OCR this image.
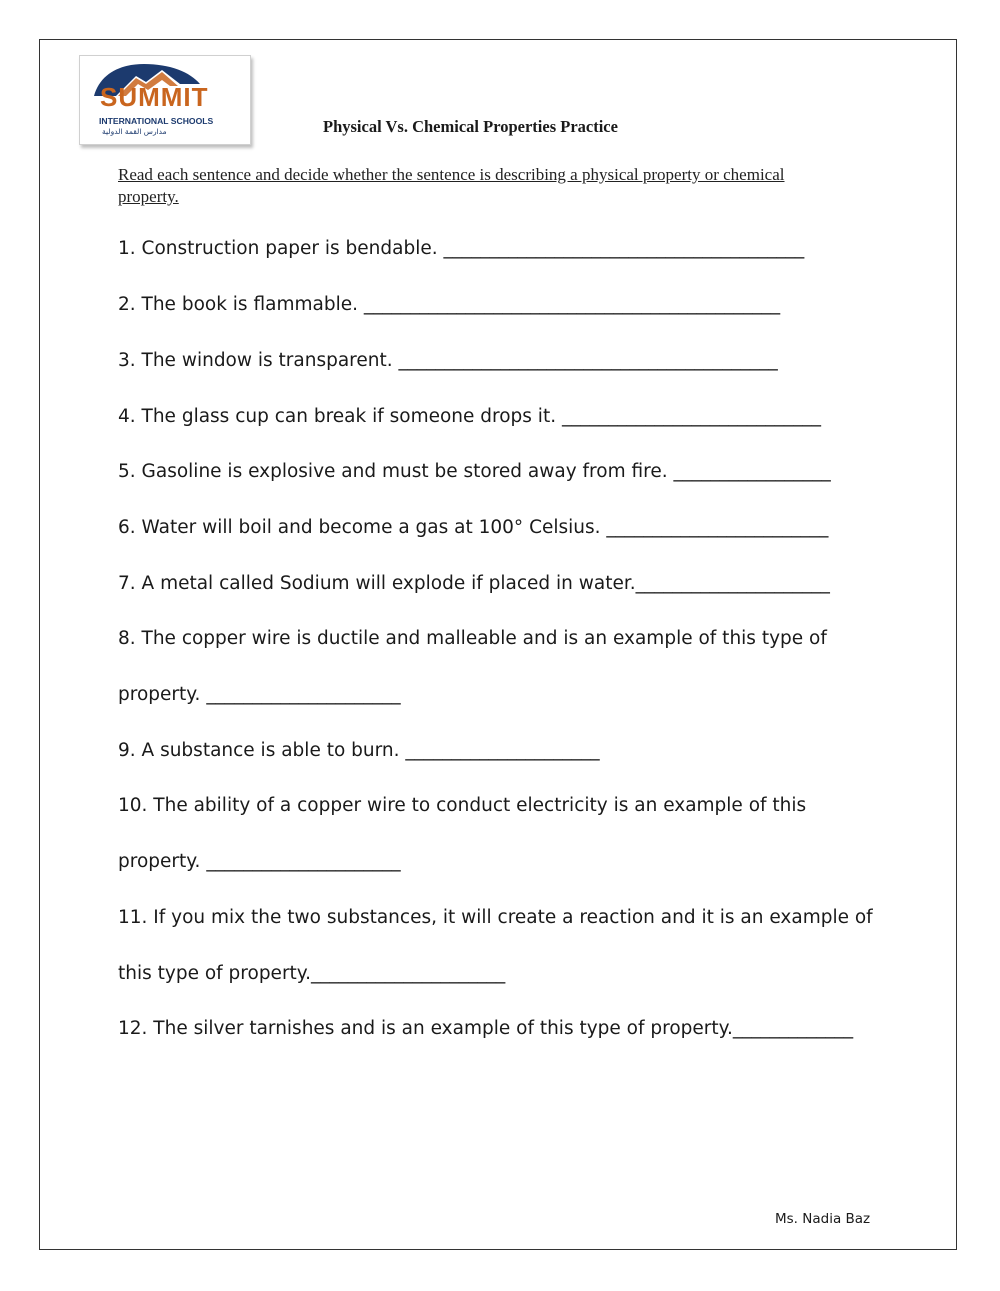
SUMMIT
INTERNATIONAL SCHOOLS
مدارس القمة الدولية	Physical Vs. Chemical Properties Practice
Read each sentence and decide whether the sentence is describing a physical property or chemical property.
1. Construction paper is bendable. _______________________________________
2. The book is flammable. _____________________________________________
3. The window is transparent. _________________________________________
4. The glass cup can break if someone drops it. ____________________________
5. Gasoline is explosive and must be stored away from fire. _________________
6. Water will boil and become a gas at 100° Celsius. ________________________
7. A metal called Sodium will explode if placed in water._____________________
8. The copper wire is ductile and malleable and is an example of this type of
property. _____________________
9. A substance is able to burn. _____________________
10. The ability of a copper wire to conduct electricity is an example of this
property. _____________________
11. If you mix the two substances, it will create a reaction and it is an example of
this type of property._____________________
12. The silver tarnishes and is an example of this type of property._____________
Ms. Nadia Baz
